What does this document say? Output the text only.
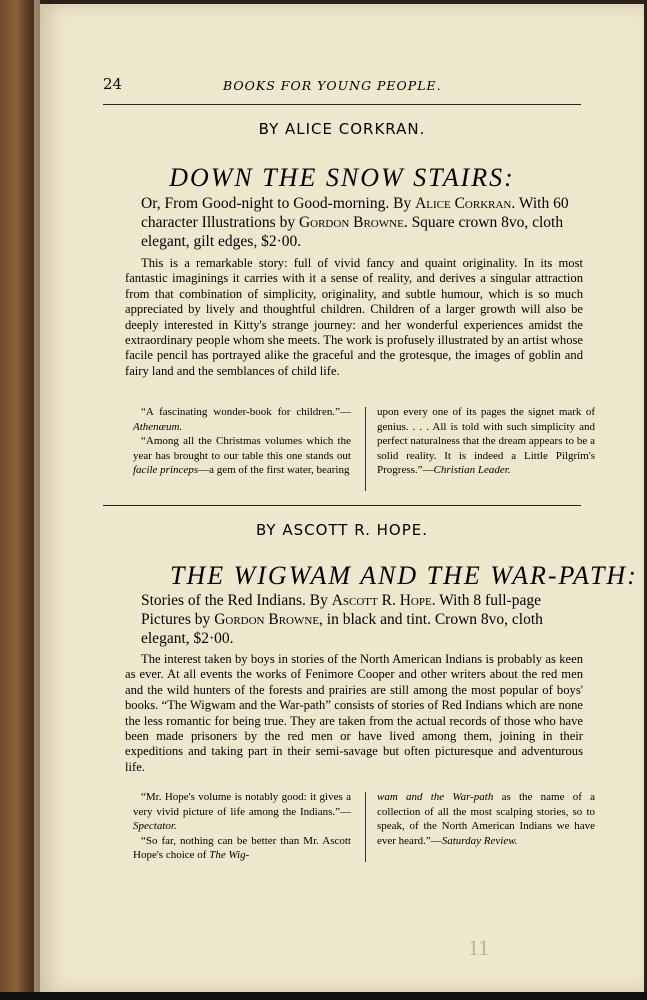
24	BOOKS FOR YOUNG PEOPLE.
BY ALICE CORKRAN.
DOWN THE SNOW STAIRS:
Or, From Good-night to Good-morning. By Alice Corkran. With 60 character Illustrations by Gordon Browne. Square crown 8vo, cloth elegant, gilt edges, $2·00.
This is a remarkable story: full of vivid fancy and quaint originality. In its most fantastic imaginings it carries with it a sense of reality, and derives a singular attraction from that combination of simplicity, originality, and subtle humour, which is so much appreciated by lively and thoughtful children. Children of a larger growth will also be deeply interested in Kitty's strange journey: and her wonderful experiences amidst the extraordinary people whom she meets. The work is profusely illustrated by an artist whose facile pencil has portrayed alike the graceful and the grotesque, the images of goblin and fairy land and the semblances of child life.

“A fascinating wonder-book for children.”—Athenæum.

“Among all the Christmas volumes which the year has brought to our table this one stands out facile princeps—a gem of the first water, bearing

upon every one of its pages the signet mark of genius. . . . All is told with such simplicity and perfect naturalness that the dream appears to be a solid reality. It is indeed a Little Pilgrim's Progress.”—Christian Leader.

BY ASCOTT R. HOPE.
THE WIGWAM AND THE WAR-PATH:
Stories of the Red Indians. By Ascott R. Hope. With 8 full-page Pictures by Gordon Browne, in black and tint. Crown 8vo, cloth elegant, $2·00.
The interest taken by boys in stories of the North American Indians is probably as keen as ever. At all events the works of Fenimore Cooper and other writers about the red men and the wild hunters of the forests and prairies are still among the most popular of boys' books. “The Wigwam and the War-path” consists of stories of Red Indians which are none the less romantic for being true. They are taken from the actual records of those who have been made prisoners by the red men or have lived among them, joining in their expeditions and taking part in their semi-savage but often picturesque and adventurous life.

“Mr. Hope's volume is notably good: it gives a very vivid picture of life among the Indians.”—Spectator.

“So far, nothing can be better than Mr. Ascott Hope's choice of The Wig-

wam and the War-path as the name of a collection of all the most scalping stories, so to speak, of the North American Indians we have ever heard.”—Saturday Review.

11
